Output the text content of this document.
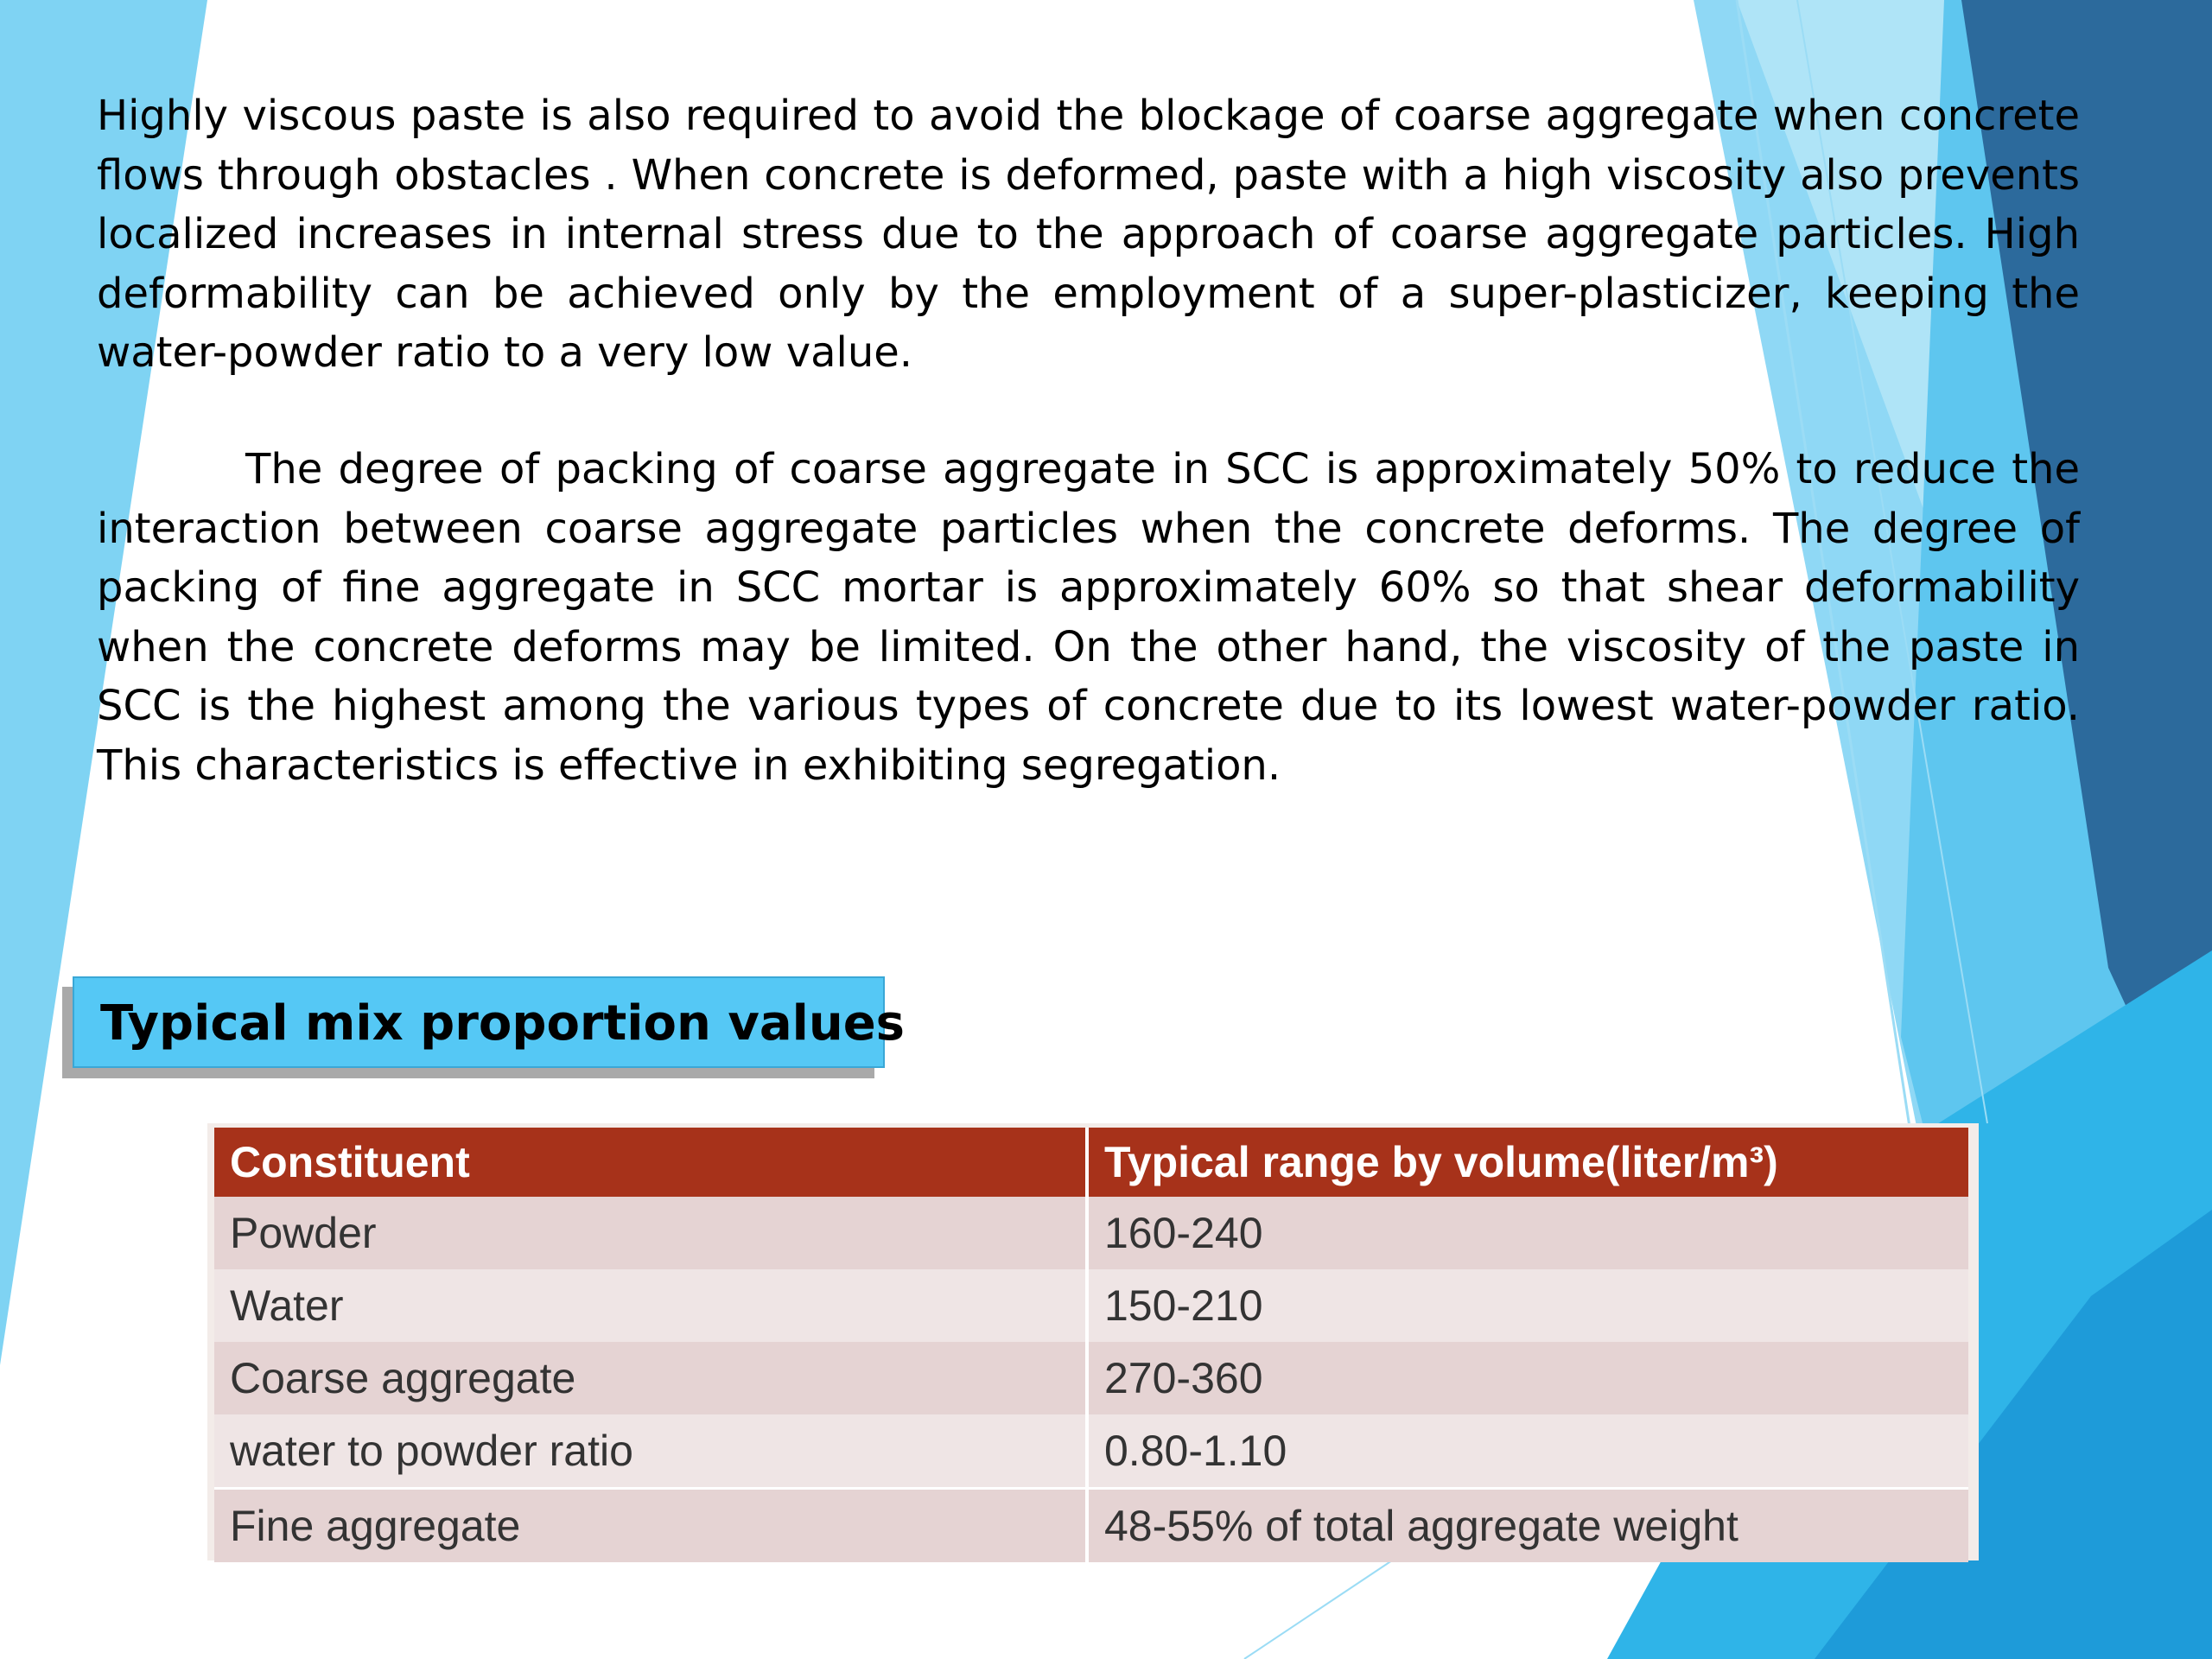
Highly viscous paste is also required to avoid the blockage of coarse aggregate when concrete flows through obstacles . When concrete is deformed, paste with a high viscosity also prevents localized increases in internal stress due to the approach of coarse aggregate particles. High deformability can be achieved only by the employment of a super-plasticizer, keeping the water-powder ratio to a very low value.

The degree of packing of coarse aggregate in SCC is approximately 50% to reduce the interaction between coarse aggregate particles when the concrete deforms. The degree of packing of fine aggregate in SCC mortar is approximately 60% so that shear deformability when the concrete deforms may be limited. On the other hand, the viscosity of the paste in SCC is the highest among the various types of concrete due to its lowest water-powder ratio. This characteristics is effective in exhibiting segregation.

Typical mix proportion values
Constituent	Typical range by volume(liter/m³)
Powder	160-240
Water	150-210
Coarse aggregate	270-360
water to powder ratio	0.80-1.10
Fine aggregate	48-55% of total aggregate weight
